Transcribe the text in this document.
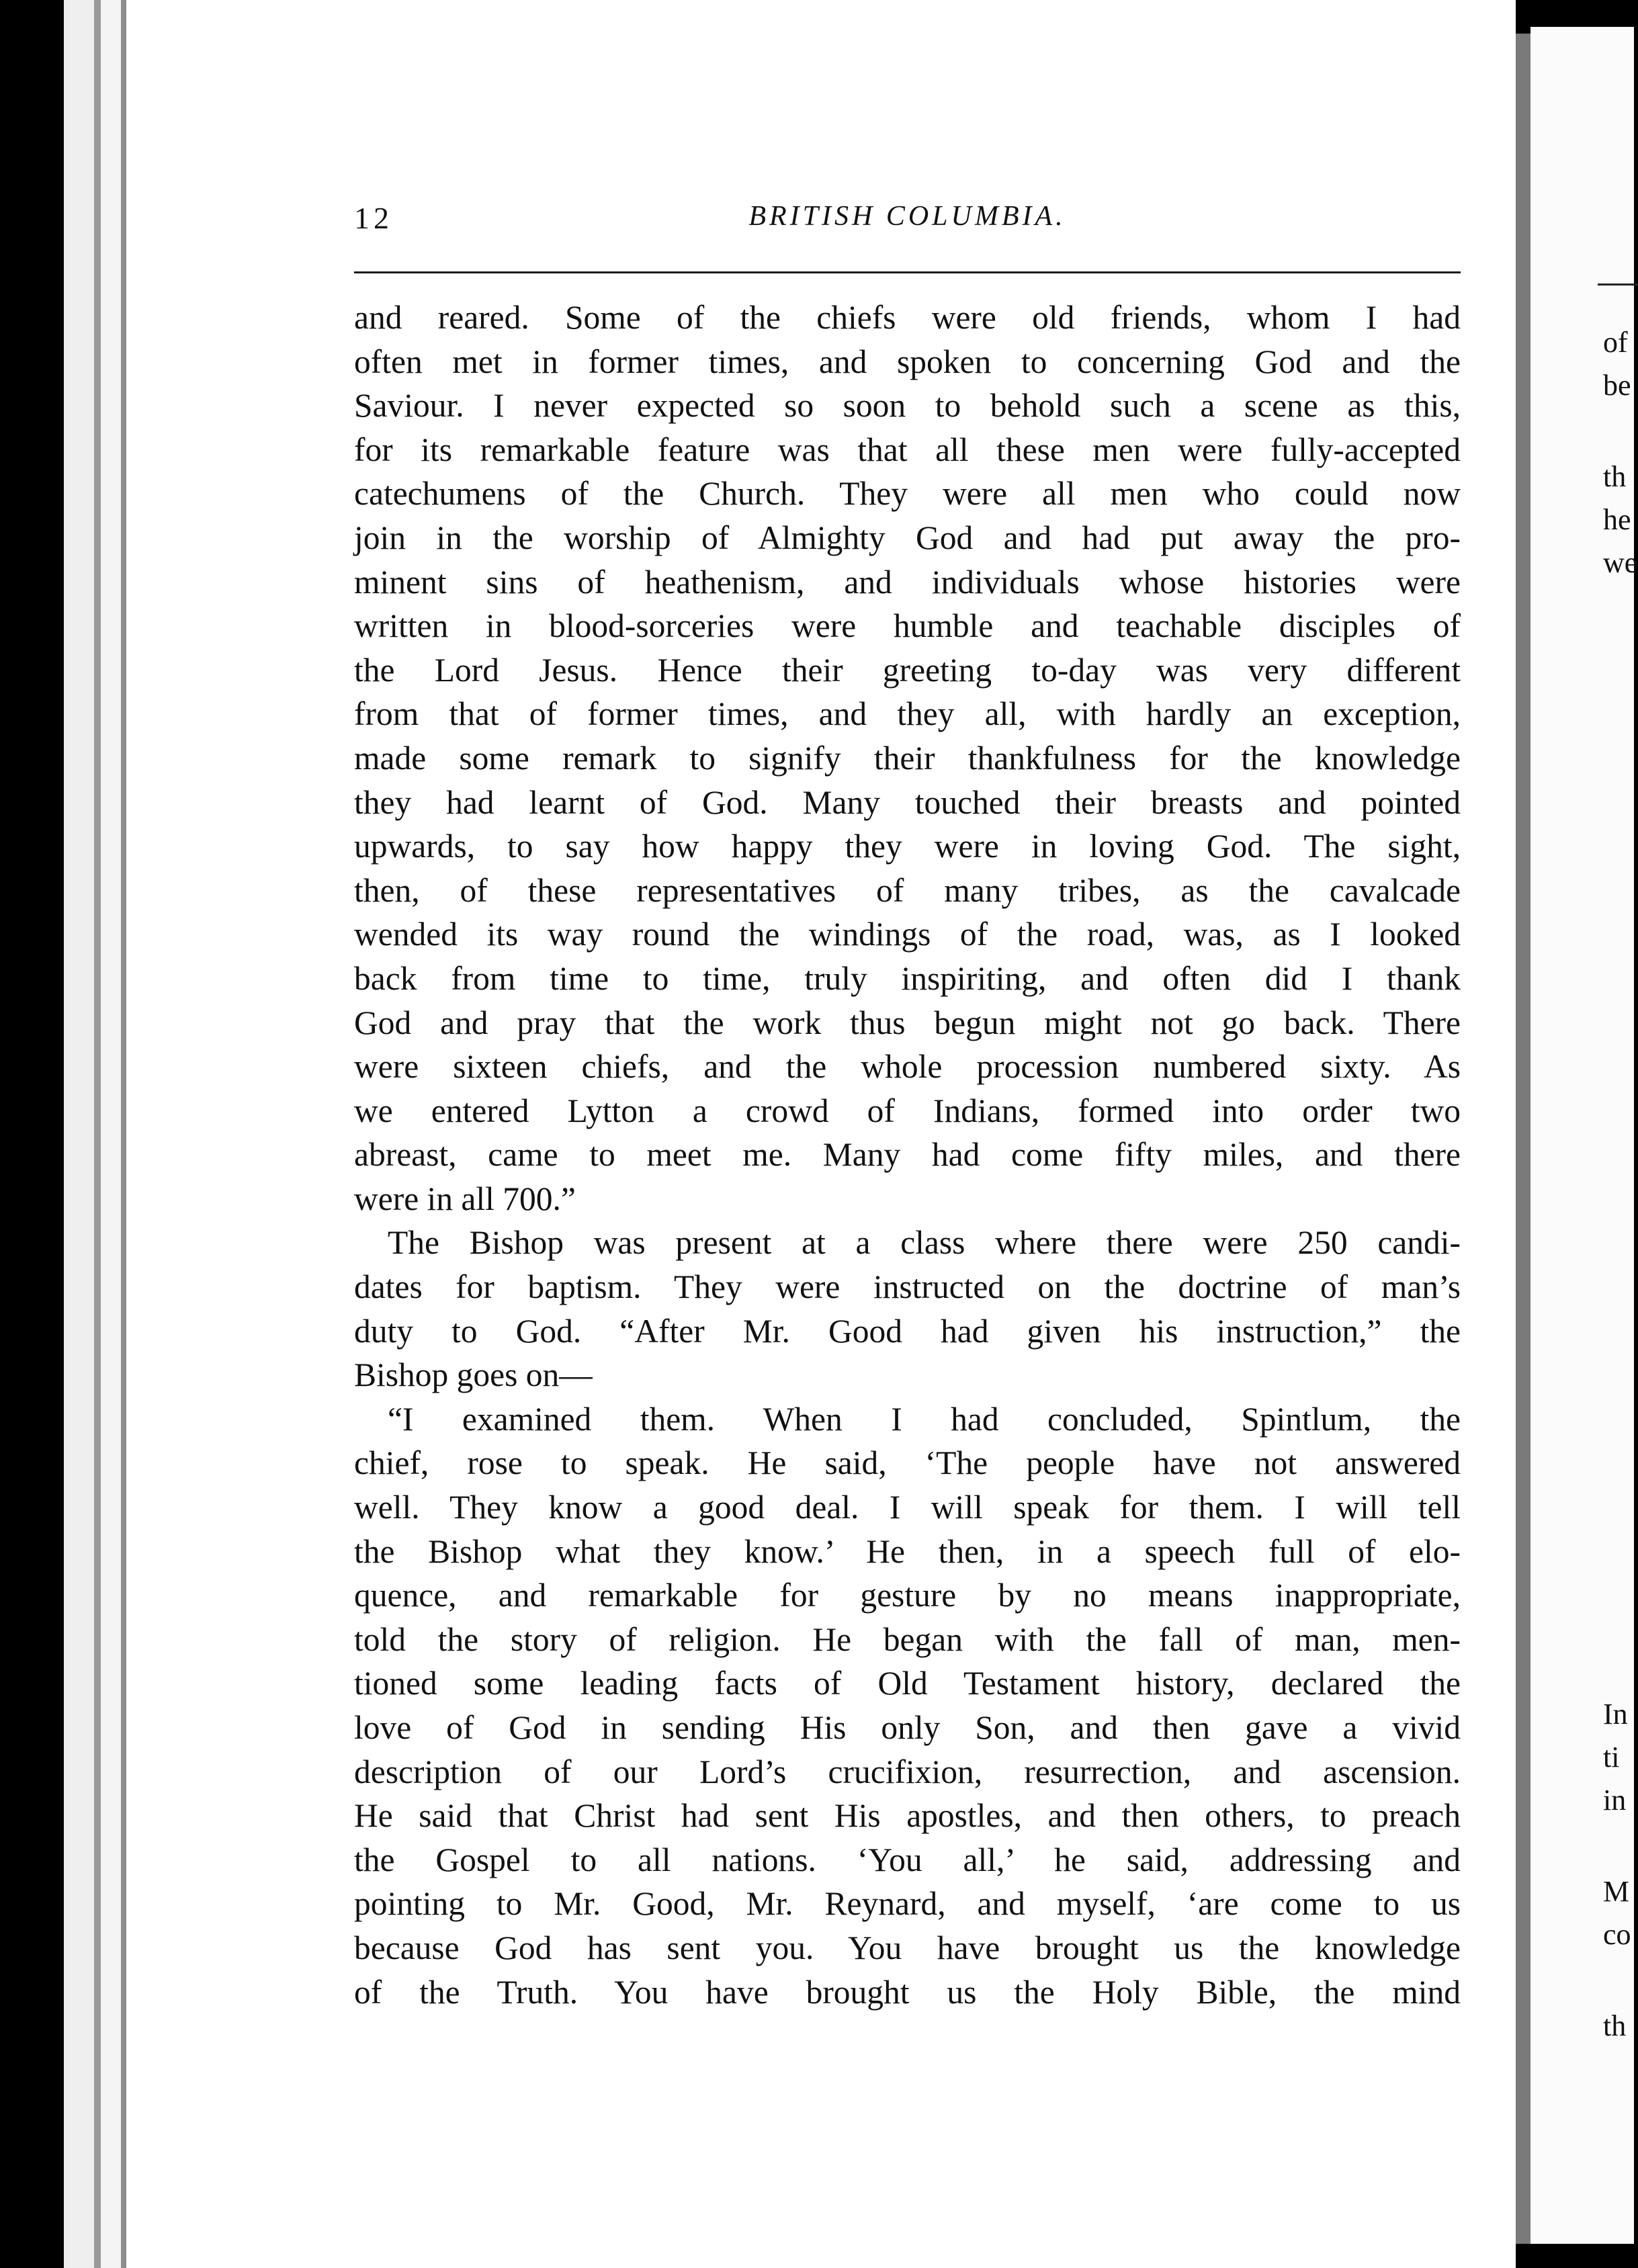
of
be
th
he
we
In
ti
in
M
co
th
12	BRITISH COLUMBIA.
and reared. Some of the chiefs were old friends, whom I had
often met in former times, and spoken to concerning God and the
Saviour. I never expected so soon to behold such a scene as this,
for its remarkable feature was that all these men were fully-accepted
catechumens of the Church. They were all men who could now
join in the worship of Almighty God and had put away the pro-
minent sins of heathenism, and individuals whose histories were
written in blood-sorceries were humble and teachable disciples of
the Lord Jesus. Hence their greeting to-day was very different
from that of former times, and they all, with hardly an exception,
made some remark to signify their thankfulness for the knowledge
they had learnt of God. Many touched their breasts and pointed
upwards, to say how happy they were in loving God. The sight,
then, of these representatives of many tribes, as the cavalcade
wended its way round the windings of the road, was, as I looked
back from time to time, truly inspiriting, and often did I thank
God and pray that the work thus begun might not go back. There
were sixteen chiefs, and the whole procession numbered sixty. As
we entered Lytton a crowd of Indians, formed into order two
abreast, came to meet me. Many had come fifty miles, and there
were in all 700.”
The Bishop was present at a class where there were 250 candi-
dates for baptism. They were instructed on the doctrine of man’s
duty to God. “After Mr. Good had given his instruction,” the
Bishop goes on—
“I examined them. When I had concluded, Spintlum, the
chief, rose to speak. He said, ‘The people have not answered
well. They know a good deal. I will speak for them. I will tell
the Bishop what they know.’ He then, in a speech full of elo-
quence, and remarkable for gesture by no means inappropriate,
told the story of religion. He began with the fall of man, men-
tioned some leading facts of Old Testament history, declared the
love of God in sending His only Son, and then gave a vivid
description of our Lord’s crucifixion, resurrection, and ascension.
He said that Christ had sent His apostles, and then others, to preach
the Gospel to all nations. ‘You all,’ he said, addressing and
pointing to Mr. Good, Mr. Reynard, and myself, ‘are come to us
because God has sent you. You have brought us the knowledge
of the Truth. You have brought us the Holy Bible, the mind
